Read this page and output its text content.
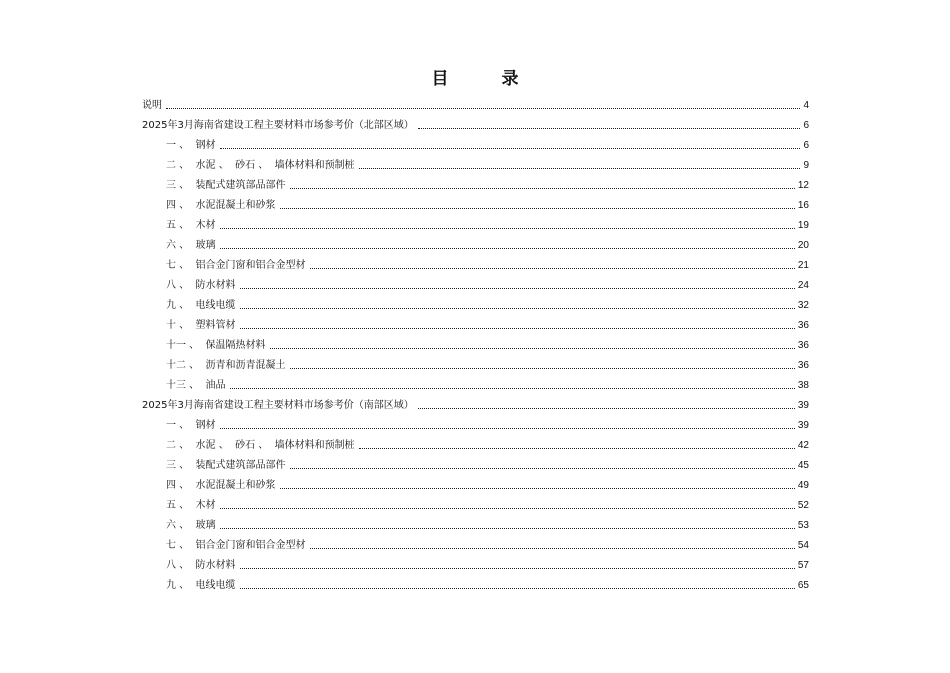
目　录
说明	4
2025年3月海南省建设工程主要材料市场参考价（北部区域）	6
一 、  钢材	6
二 、  水泥 、  砂石 、  墙体材料和预制桩	9
三 、  装配式建筑部品部件	12
四 、  水泥混凝土和砂浆	16
五 、  木材	19
六 、  玻璃	20
七 、  铝合金门窗和铝合金型材	21
八 、  防水材料	24
九 、  电线电缆	32
十 、  塑料管材	36
十一 、  保温隔热材料	36
十二 、  沥青和沥青混凝土	36
十三 、  油品	38
2025年3月海南省建设工程主要材料市场参考价（南部区域）	39
一 、  钢材	39
二 、  水泥 、  砂石 、  墙体材料和预制桩	42
三 、  装配式建筑部品部件	45
四 、  水泥混凝土和砂浆	49
五 、  木材	52
六 、  玻璃	53
七 、  铝合金门窗和铝合金型材	54
八 、  防水材料	57
九 、  电线电缆	65
